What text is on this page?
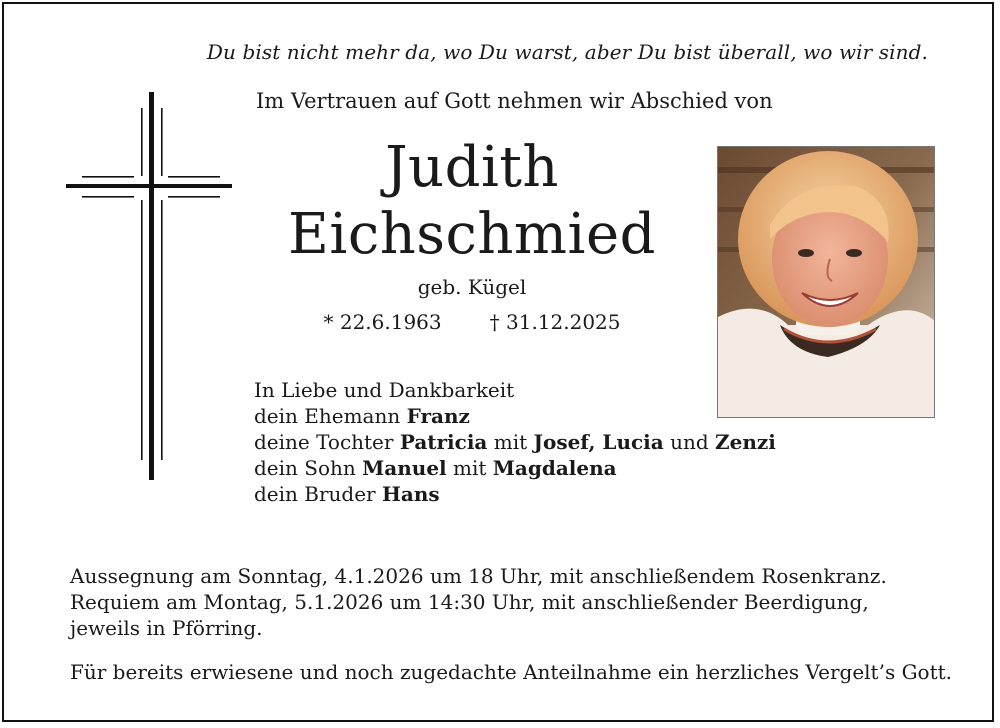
Du bist nicht mehr da, wo Du warst, aber Du bist überall, wo wir sind.
Im Vertrauen auf Gott nehmen wir Abschied von
Judith
Eichschmied
geb. Kügel
* 22.6.1963 † 31.12.2025
In Liebe und Dankbarkeit
dein Ehemann Franz
deine Tochter Patricia mit Josef, Lucia und Zenzi
dein Sohn Manuel mit Magdalena
dein Bruder Hans
Aussegnung am Sonntag, 4.1.2026 um 18 Uhr, mit anschließendem Rosenkranz.
Requiem am Montag, 5.1.2026 um 14:30 Uhr, mit anschließender Beerdigung,
jeweils in Pförring.
Für bereits erwiesene und noch zugedachte Anteilnahme ein herzliches Vergelt’s Gott.
